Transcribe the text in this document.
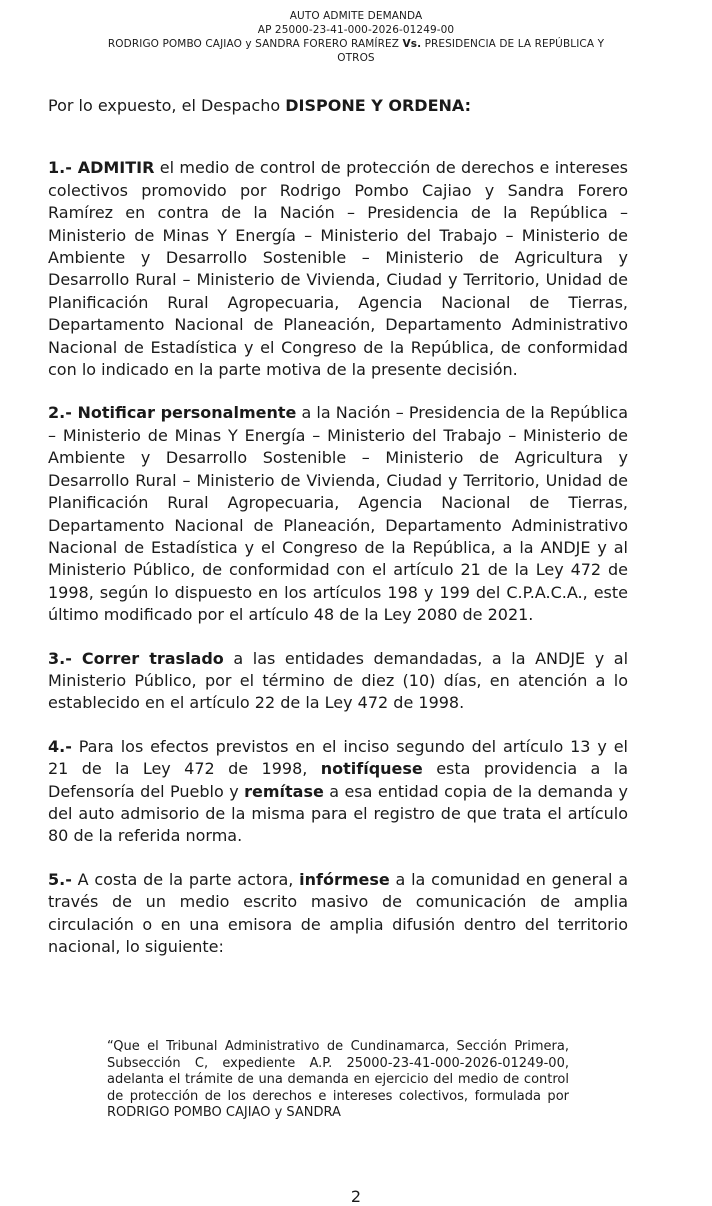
AUTO ADMITE DEMANDA
AP 25000-23-41-000-2026-01249-00
RODRIGO POMBO CAJIAO y SANDRA FORERO RAMÍREZ Vs. PRESIDENCIA DE LA REPÚBLICA Y
OTROS

Por lo expuesto, el Despacho DISPONE Y ORDENA:

1.- ADMITIR el medio de control de protección de derechos e intereses colectivos promovido por Rodrigo Pombo Cajiao y Sandra Forero Ramírez en contra de la Nación – Presidencia de la República – Ministerio de Minas Y Energía – Ministerio del Trabajo – Ministerio de Ambiente y Desarrollo Sostenible – Ministerio de Agricultura y Desarrollo Rural – Ministerio de Vivienda, Ciudad y Territorio, Unidad de Planificación Rural Agropecuaria, Agencia Nacional de Tierras, Departamento Nacional de Planeación, Departamento Administrativo Nacional de Estadística y el Congreso de la República, de conformidad con lo indicado en la parte motiva de la presente decisión.

2.- Notificar personalmente a la Nación – Presidencia de la República – Ministerio de Minas Y Energía – Ministerio del Trabajo – Ministerio de Ambiente y Desarrollo Sostenible – Ministerio de Agricultura y Desarrollo Rural – Ministerio de Vivienda, Ciudad y Territorio, Unidad de Planificación Rural Agropecuaria, Agencia Nacional de Tierras, Departamento Nacional de Planeación, Departamento Administrativo Nacional de Estadística y el Congreso de la República, a la ANDJE y al Ministerio Público, de conformidad con el artículo 21 de la Ley 472 de 1998, según lo dispuesto en los artículos 198 y 199 del C.P.A.C.A., este último modificado por el artículo 48 de la Ley 2080 de 2021.

3.- Correr traslado a las entidades demandadas, a la ANDJE y al Ministerio Público, por el término de diez (10) días, en atención a lo establecido en el artículo 22 de la Ley 472 de 1998.

4.- Para los efectos previstos en el inciso segundo del artículo 13 y el 21 de la Ley 472 de 1998, notifíquese esta providencia a la Defensoría del Pueblo y remítase a esa entidad copia de la demanda y del auto admisorio de la misma para el registro de que trata el artículo 80 de la referida norma.

5.- A costa de la parte actora, infórmese a la comunidad en general a través de un medio escrito masivo de comunicación de amplia circulación o en una emisora de amplia difusión dentro del territorio nacional, lo siguiente:

“Que el Tribunal Administrativo de Cundinamarca, Sección Primera, Subsección C, expediente A.P. 25000-23-41-000-2026-01249-00, adelanta el trámite de una demanda en ejercicio del medio de control de protección de los derechos e intereses colectivos, formulada por RODRIGO POMBO CAJIAO y SANDRA
2
